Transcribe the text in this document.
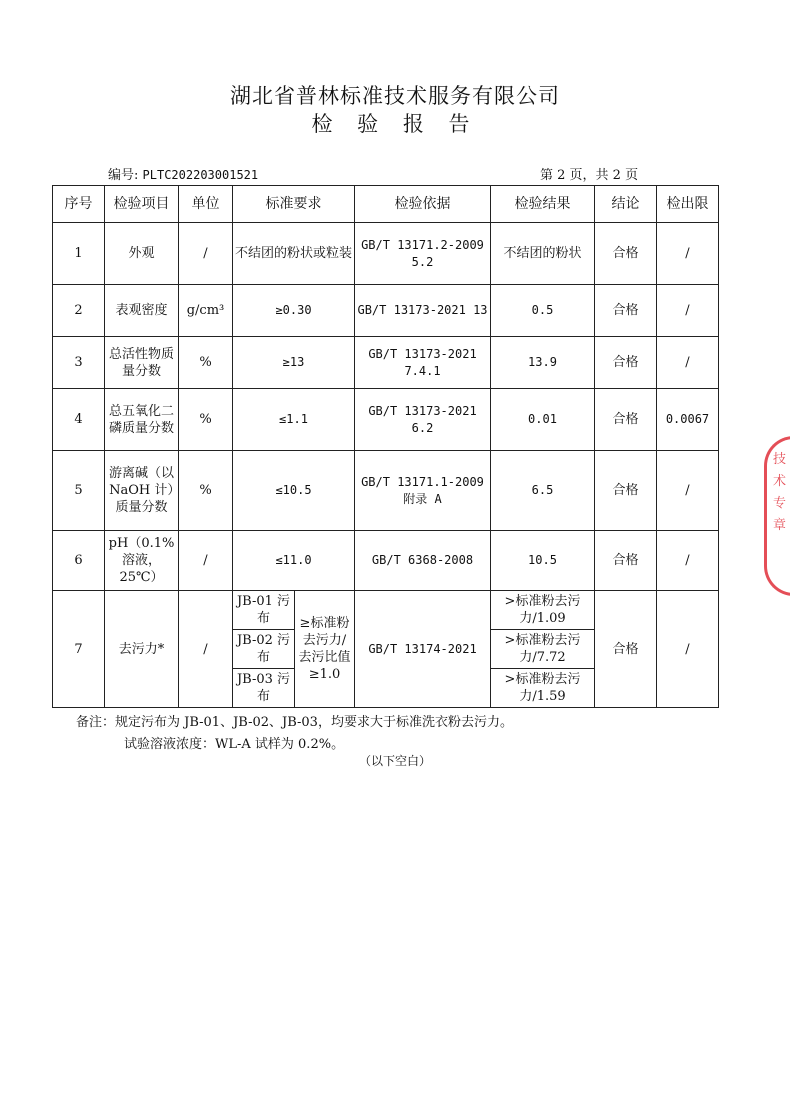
湖北省普林标准技术服务有限公司
检 验 报 告
编号: PLTC202203001521	第 2 页，共 2 页
序号	检验项目	单位	标准要求		检验依据	检验结果	结论	检出限
1	外观	/	不结团的粉状或粒装		GB/T 13171.2-2009 5.2	不结团的粉状	合格	/
2	表观密度	g/cm³	≥0.30		GB/T 13173-2021 13	0.5	合格	/
3	总活性物质量分数	%	≥13		GB/T 13173-2021 7.4.1	13.9	合格	/
4	总五氧化二磷质量分数	%	≤1.1		GB/T 13173-2021 6.2	0.01	合格	0.0067
5	游离碱（以 NaOH 计）质量分数	%	≤10.5		GB/T 13171.1-2009 附录 A	6.5	合格	/
6	pH（0.1% 溶液，25℃）	/	≤11.0		GB/T 6368-2008	10.5	合格	/
7	去污力*	/	JB-01 污布	≥标准粉去污力/去污比值≥1.0	GB/T 13174-2021	>标准粉去污力/1.09	合格	/
			JB-02 污布			>标准粉去污力/7.72		
			JB-03 污布			>标准粉去污力/1.59		
备注：规定污布为 JB-01、JB-02、JB-03，均要求大于标准洗衣粉去污力。
试验溶液浓度：WL-A 试样为 0.2%。
（以下空白）
技
术
专
章
